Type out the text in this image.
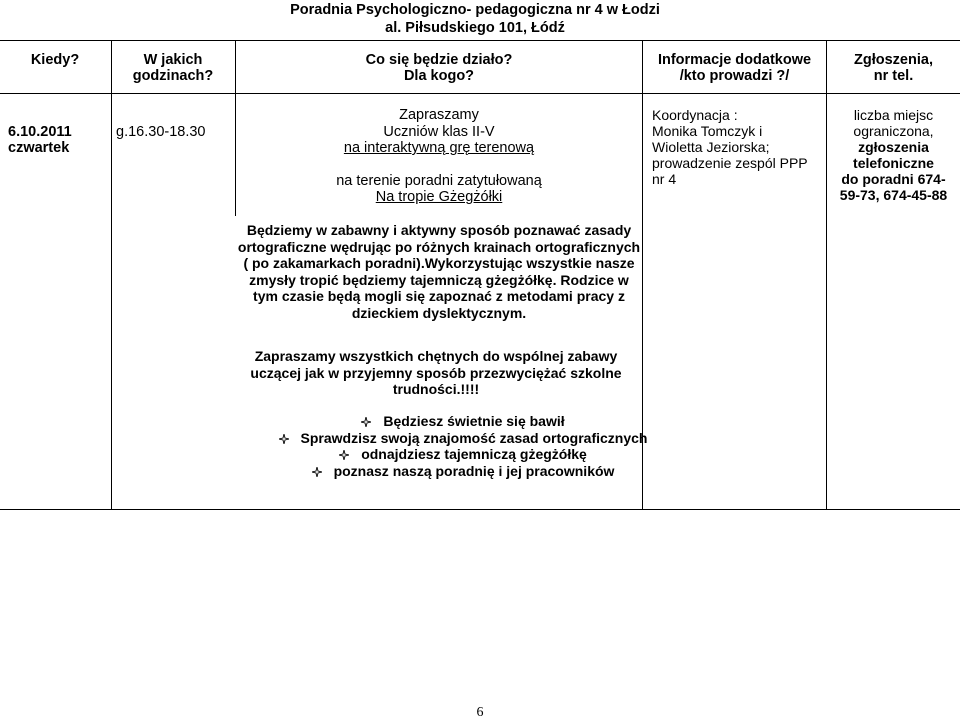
Poradnia Psychologiczno- pedagogiczna nr 4 w Łodzi
al. Piłsudskiego 101, Łódź
Kiedy?	W jakich
godzinach?
Co się będzie działo?
Dla kogo?
Informacje dodatkowe
/kto prowadzi ?/
Zgłoszenia,
nr tel.
6.10.2011
czwartek
g.16.30-18.30
Zapraszamy
Uczniów klas II-V
na interaktywną grę terenową
na terenie poradni zatytułowaną
Na tropie Gżegżółki
Koordynacja :
Monika Tomczyk i
Wioletta Jeziorska;
prowadzenie zespól PPP
nr 4
liczba miejsc
ograniczona,
zgłoszenia
telefoniczne
do poradni 674-
59-73, 674-45-88
Będziemy w zabawny i aktywny sposób poznawać zasady
ortograficzne wędrując po różnych krainach ortograficznych
( po zakamarkach poradni).Wykorzystując wszystkie nasze
zmysły tropić będziemy tajemniczą gżegżółkę. Rodzice w
tym czasie będą mogli się zapoznać z metodami pracy z
dzieckiem dyslektycznym.
Zapraszamy wszystkich chętnych do wspólnej zabawy
uczącej jak w przyjemny sposób przezwyciężać szkolne
trudności.!!!!
Będziesz świetnie się bawił
Sprawdzisz swoją znajomość zasad ortograficznych
odnajdziesz tajemniczą gżegżółkę
poznasz naszą poradnię i jej pracowników
6
